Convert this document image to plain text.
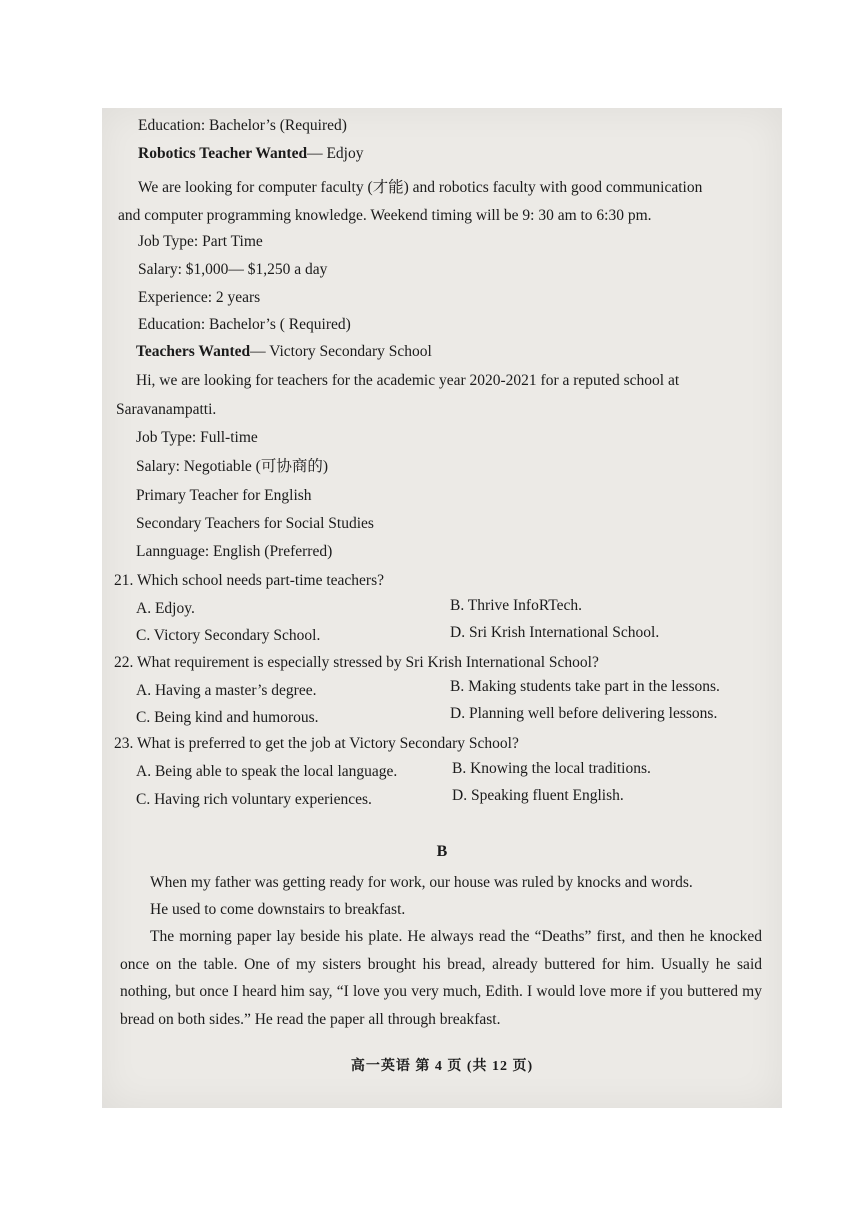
Education: Bachelor’s (Required)
Robotics Teacher Wanted— Edjoy
We are looking for computer faculty (才能) and robotics faculty with good communication
and computer programming knowledge. Weekend timing will be 9: 30 am to 6:30 pm.
Job Type: Part Time
Salary: $1,000— $1,250 a day
Experience: 2 years
Education: Bachelor’s ( Required)
Teachers Wanted— Victory Secondary School
Hi, we are looking for teachers for the academic year 2020-2021 for a reputed school at
Saravanampatti.
Job Type: Full-time
Salary: Negotiable (可协商的)
Primary Teacher for English
Secondary Teachers for Social Studies
Lannguage: English (Preferred)
21. Which school needs part-time teachers?
A. Edjoy.	B. Thrive InfoRTech.
C. Victory Secondary School.	D. Sri Krish International School.
22. What requirement is especially stressed by Sri Krish International School?
A. Having a master’s degree.	B. Making students take part in the lessons.
C. Being kind and humorous.	D. Planning well before delivering lessons.
23. What is preferred to get the job at Victory Secondary School?
A. Being able to speak the local language.	B. Knowing the local traditions.
C. Having rich voluntary experiences.	D. Speaking fluent English.
B
When my father was getting ready for work, our house was ruled by knocks and words.
He used to come downstairs to breakfast.
The morning paper lay beside his plate. He always read the “Deaths” first, and then he knocked once on the table. One of my sisters brought his bread, already buttered for him. Usually he said nothing, but once I heard him say, “I love you very much, Edith. I would love more if you buttered my bread on both sides.” He read the paper all through breakfast.
高一英语 第 4 页 (共 12 页)
